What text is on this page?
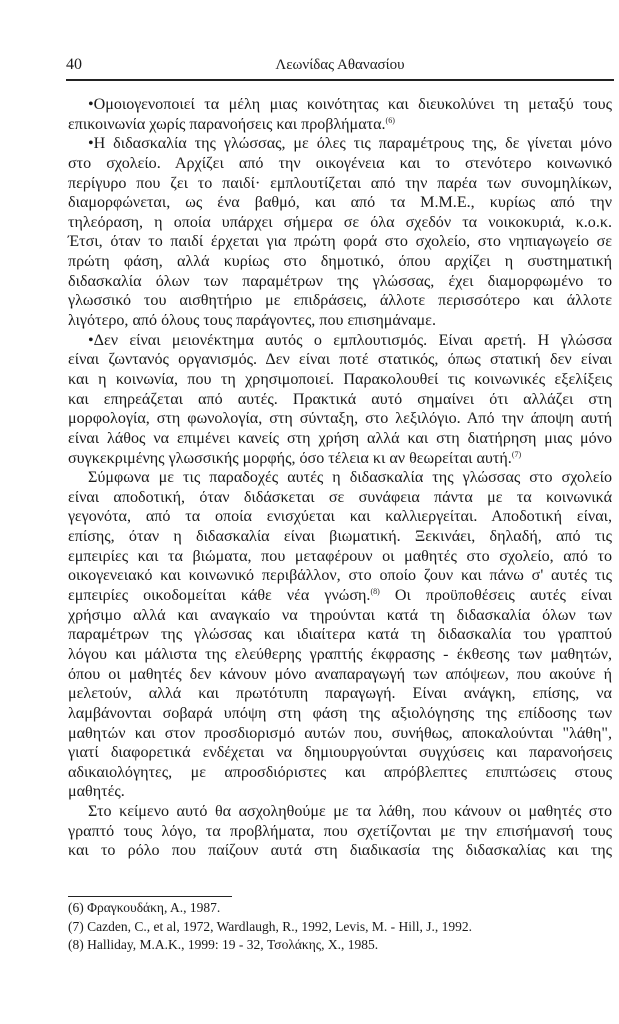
40	Λεωνίδας Αθανασίου
•Ομοιογενοποιεί τα μέλη μιας κοινότητας και διευκολύνει τη μεταξύ τους
επικοινωνία χωρίς παρανοήσεις και προβλήματα.$^{(6)}$
•Η διδασκαλία της γλώσσας, με όλες τις παραμέτρους της, δε γίνεται μόνο
στο σχολείο. Αρχίζει από την οικογένεια και το στενότερο κοινωνικό
περίγυρο που ζει το παιδί· εμπλουτίζεται από την παρέα των συνομηλίκων,
διαμορφώνεται, ως ένα βαθμό, και από τα Μ.Μ.Ε., κυρίως από την
τηλεόραση, η οποία υπάρχει σήμερα σε όλα σχεδόν τα νοικοκυριά, κ.ο.κ.
Έτσι, όταν το παιδί έρχεται για πρώτη φορά στο σχολείο, στο νηπιαγωγείο σε
πρώτη φάση, αλλά κυρίως στο δημοτικό, όπου αρχίζει η συστηματική
διδασκαλία όλων των παραμέτρων της γλώσσας, έχει διαμορφωμένο το
γλωσσικό του αισθητήριο με επιδράσεις, άλλοτε περισσότερο και άλλοτε
λιγότερο, από όλους τους παράγοντες, που επισημάναμε.
•Δεν είναι μειονέκτημα αυτός ο εμπλουτισμός. Είναι αρετή. Η γλώσσα
είναι ζωντανός οργανισμός. Δεν είναι ποτέ στατικός, όπως στατική δεν είναι
και η κοινωνία, που τη χρησιμοποιεί. Παρακολουθεί τις κοινωνικές εξελίξεις
και επηρεάζεται από αυτές. Πρακτικά αυτό σημαίνει ότι αλλάζει στη
μορφολογία, στη φωνολογία, στη σύνταξη, στο λεξιλόγιο. Από την άποψη αυτή
είναι λάθος να επιμένει κανείς στη χρήση αλλά και στη διατήρηση μιας μόνο
συγκεκριμένης γλωσσικής μορφής, όσο τέλεια κι αν θεωρείται αυτή.$^{(7)}$
Σύμφωνα με τις παραδοχές αυτές η διδασκαλία της γλώσσας στο σχολείο
είναι αποδοτική, όταν διδάσκεται σε συνάφεια πάντα με τα κοινωνικά
γεγονότα, από τα οποία ενισχύεται και καλλιεργείται. Αποδοτική είναι,
επίσης, όταν η διδασκαλία είναι βιωματική. Ξεκινάει, δηλαδή, από τις
εμπειρίες και τα βιώματα, που μεταφέρουν οι μαθητές στο σχολείο, από το
οικογενειακό και κοινωνικό περιβάλλον, στο οποίο ζουν και πάνω σ' αυτές τις
εμπειρίες οικοδομείται κάθε νέα γνώση.$^{(8)}$ Οι προϋποθέσεις αυτές είναι
χρήσιμο αλλά και αναγκαίο να τηρούνται κατά τη διδασκαλία όλων των
παραμέτρων της γλώσσας και ιδιαίτερα κατά τη διδασκαλία του γραπτού
λόγου και μάλιστα της ελεύθερης γραπτής έκφρασης - έκθεσης των μαθητών,
όπου οι μαθητές δεν κάνουν μόνο αναπαραγωγή των απόψεων, που ακούνε ή
μελετούν, αλλά και πρωτότυπη παραγωγή. Είναι ανάγκη, επίσης, να
λαμβάνονται σοβαρά υπόψη στη φάση της αξιολόγησης της επίδοσης των
μαθητών και στον προσδιορισμό αυτών που, συνήθως, αποκαλούνται "λάθη",
γιατί διαφορετικά ενδέχεται να δημιουργούνται συγχύσεις και παρανοήσεις
αδικαιολόγητες, με απροσδιόριστες και απρόβλεπτες επιπτώσεις στους
μαθητές.
Στο κείμενο αυτό θα ασχοληθούμε με τα λάθη, που κάνουν οι μαθητές στο
γραπτό τους λόγο, τα προβλήματα, που σχετίζονται με την επισήμανσή τους
και το ρόλο που παίζουν αυτά στη διαδικασία της διδασκαλίας και της
(6) Φραγκουδάκη, Α., 1987.
(7) Cazden, C., et al, 1972, Wardlaugh, R., 1992, Levis, M. - Hill, J., 1992.
(8) Halliday, M.A.K., 1999: 19 - 32, Τσολάκης, Χ., 1985.
